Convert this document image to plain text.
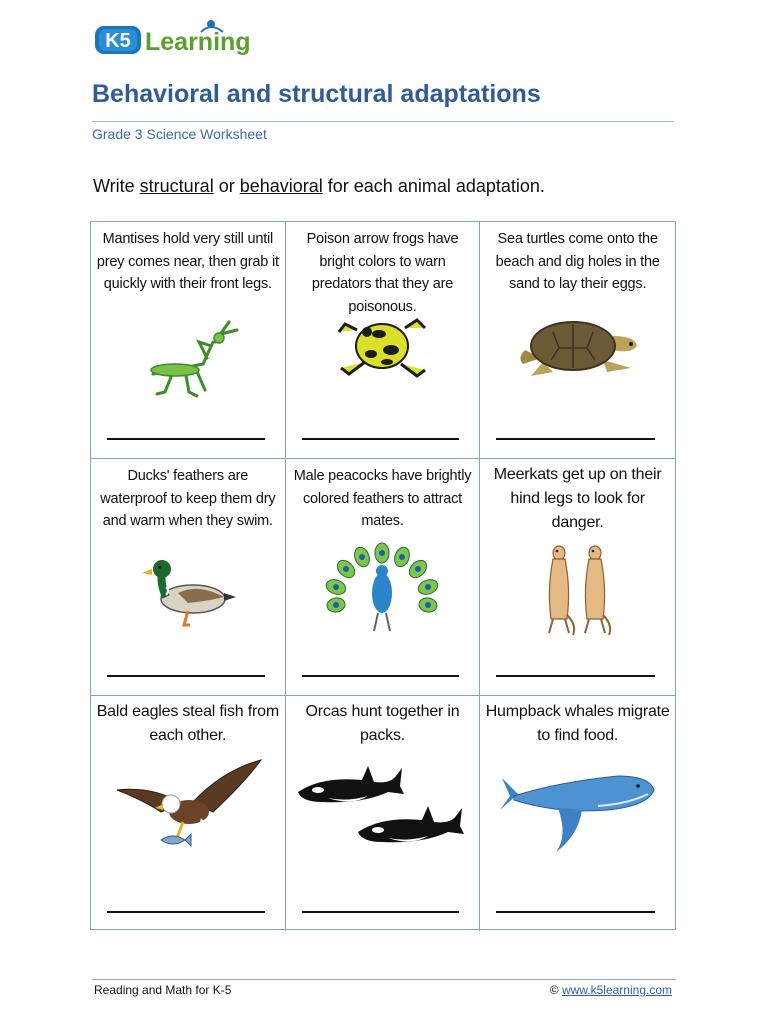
K5 Learning
Behavioral and structural adaptations
Grade 3 Science Worksheet
Write structural or behavioral for each animal adaptation.
Mantises hold very still until prey comes near, then grab it quickly with their front legs.
Poison arrow frogs have bright colors to warn predators that they are poisonous.
Sea turtles come onto the beach and dig holes in the sand to lay their eggs.
Ducks' feathers are waterproof to keep them dry and warm when they swim.
Male peacocks have brightly colored feathers to attract mates.
Meerkats get up on their hind legs to look for danger.
Bald eagles steal fish from each other.
Orcas hunt together in packs.
Humpback whales migrate to find food.
Reading and Math for K-5	© www.k5learning.com
